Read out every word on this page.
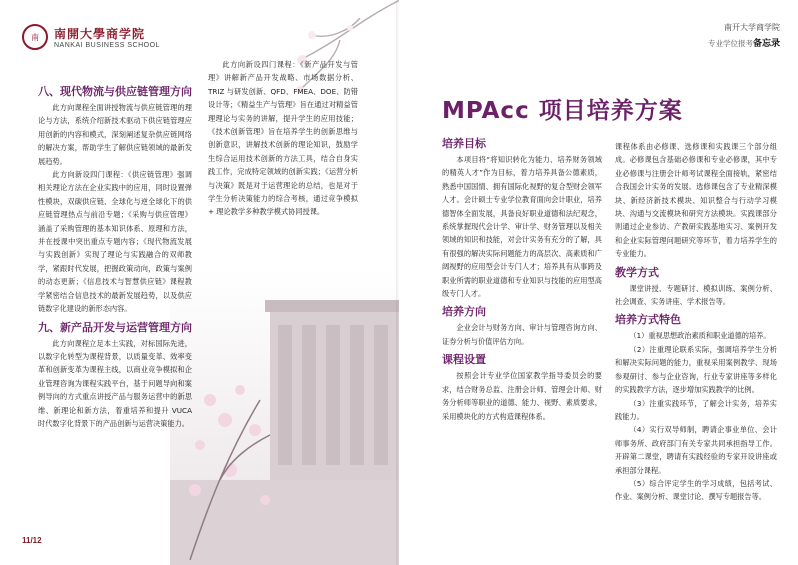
南 南開大學商学院
NANKAI BUSINESS SCHOOL
八、现代物流与供应链管理方向

此方向课程全面讲授物流与供应链管理的理论与方法，系统介绍新技术驱动下供应链管理应用创新的内容和模式，深刻阐述复杂供应链网络的解决方案，帮助学生了解供应链领域的最新发展趋势。

此方向新设四门课程：《供应链管理》强调相关理论方法在企业实践中的应用，同时设置弹性模块，双碳供应链、全球化与逆全球化下的供应链管理热点与前沿专题；《采购与供应管理》涵盖了采购管理的基本知识体系、原理和方法，并在授课中突出重点专题内容；《现代物流发展与实践创新》实现了理论与实践融合的双师教学，紧跟时代发展，把握政策动向，政策与案例的动态更新；《信息技术与智慧供应链》课程教学紧密结合信息技术的最新发展趋势，以及供应链数字化建设的新形态内容。

九、新产品开发与运营管理方向

此方向课程立足本土实践，对标国际先进，以数字化转型为课程背景，以质量变革、效率变革和创新变革为课程主线，以商业竞争模拟和企业管理咨询为课程实践平台，基于问题导向和案例导向的方式重点讲授产品与服务运营中的新思维、新理论和新方法，着重培养和提升 VUCA 时代数字化背景下的产品创新与运营决策能力。

此方向新设四门课程：《新产品开发与管理》讲解新产品开发战略、市场数据分析、TRIZ 与研发创新、QFD、FMEA、DOE、防错设计等；《精益生产与管理》旨在通过对精益管理理论与实务的讲解，提升学生的应用技能；《技术创新管理》旨在培养学生的创新思维与创新意识，讲解技术创新的理论知识，鼓励学生综合运用技术创新的方法工具，结合自身实践工作，完成特定领域的创新实践；《运营分析与决策》既是对于运营理论的总结，也是对于学生分析决策能力的综合考核，通过竞争模拟 + 理论教学多种教学模式协同授课。

11/12
南开大学商学院
专业学位报考备忘录
MPAcc 项目培养方案
培养目标

本项目将“将知识转化为能力、培养财务领域的精英人才”作为目标，着力培养具备公德素质，熟悉中国国情、拥有国际化视野的复合型财会领军人才。会计硕士专业学位教育面向会计职业，培养德智体全面发展，具备良好职业道德和法纪观念，系统掌握现代会计学、审计学、财务管理以及相关领域的知识和技能，对会计实务有充分的了解，具有很强的解决实际问题能力的高层次、高素质和广阔视野的应用型会计专门人才；培养具有从事跨及职业所需的职业道德和专业知识与技能的应用型高级专门人才。

培养方向

企业会计与财务方向、审计与管理咨询方向、证券分析与价值评估方向。

课程设置

按照会计专业学位国家教学指导委员会的要求，结合财务总监、注册会计师、管理会计师、财务分析师等职业的道德、能力、视野、素质要求，采用模块化的方式构造课程体系。

课程体系由必修课、选修课和实践课三个部分组成。必修课包含基础必修课和专业必修课，其中专业必修课与注册会计师考试课程全面接轨，紧密结合我国会计实务的发展。选修课包含了专业精深模块、新经济新技术模块、知识整合与行动学习模块、沟通与交流模块和研究方法模块。实践课部分则通过企业参访、产教研实践基地实习、案例开发和企业实际管理问题研究等环节，着力培养学生的专业能力。

教学方式

课堂讲授、专题研讨、模拟训练、案例分析、社会调查、实务讲座、学术报告等。

培养方式特色

（1）重视思想政治素质和职业道德的培养。

（2）注重理论联系实际，强调培养学生分析和解决实际问题的能力，重视采用案例教学、现场参观研讨、参与企业咨询，行业专家讲座等多样化的实践教学方法，逐步增加实践教学的比例。

（3）注重实践环节，了解会计实务，培养实践能力。

（4）实行双导师制，聘请企事业单位、会计师事务所、政府部门有关专家共同承担指导工作。开辟第二课堂，聘请有实践经验的专家开设讲座或承担部分课程。

（5）综合评定学生的学习成绩，包括考试、作业、案例分析、课堂讨论、撰写专题报告等。
